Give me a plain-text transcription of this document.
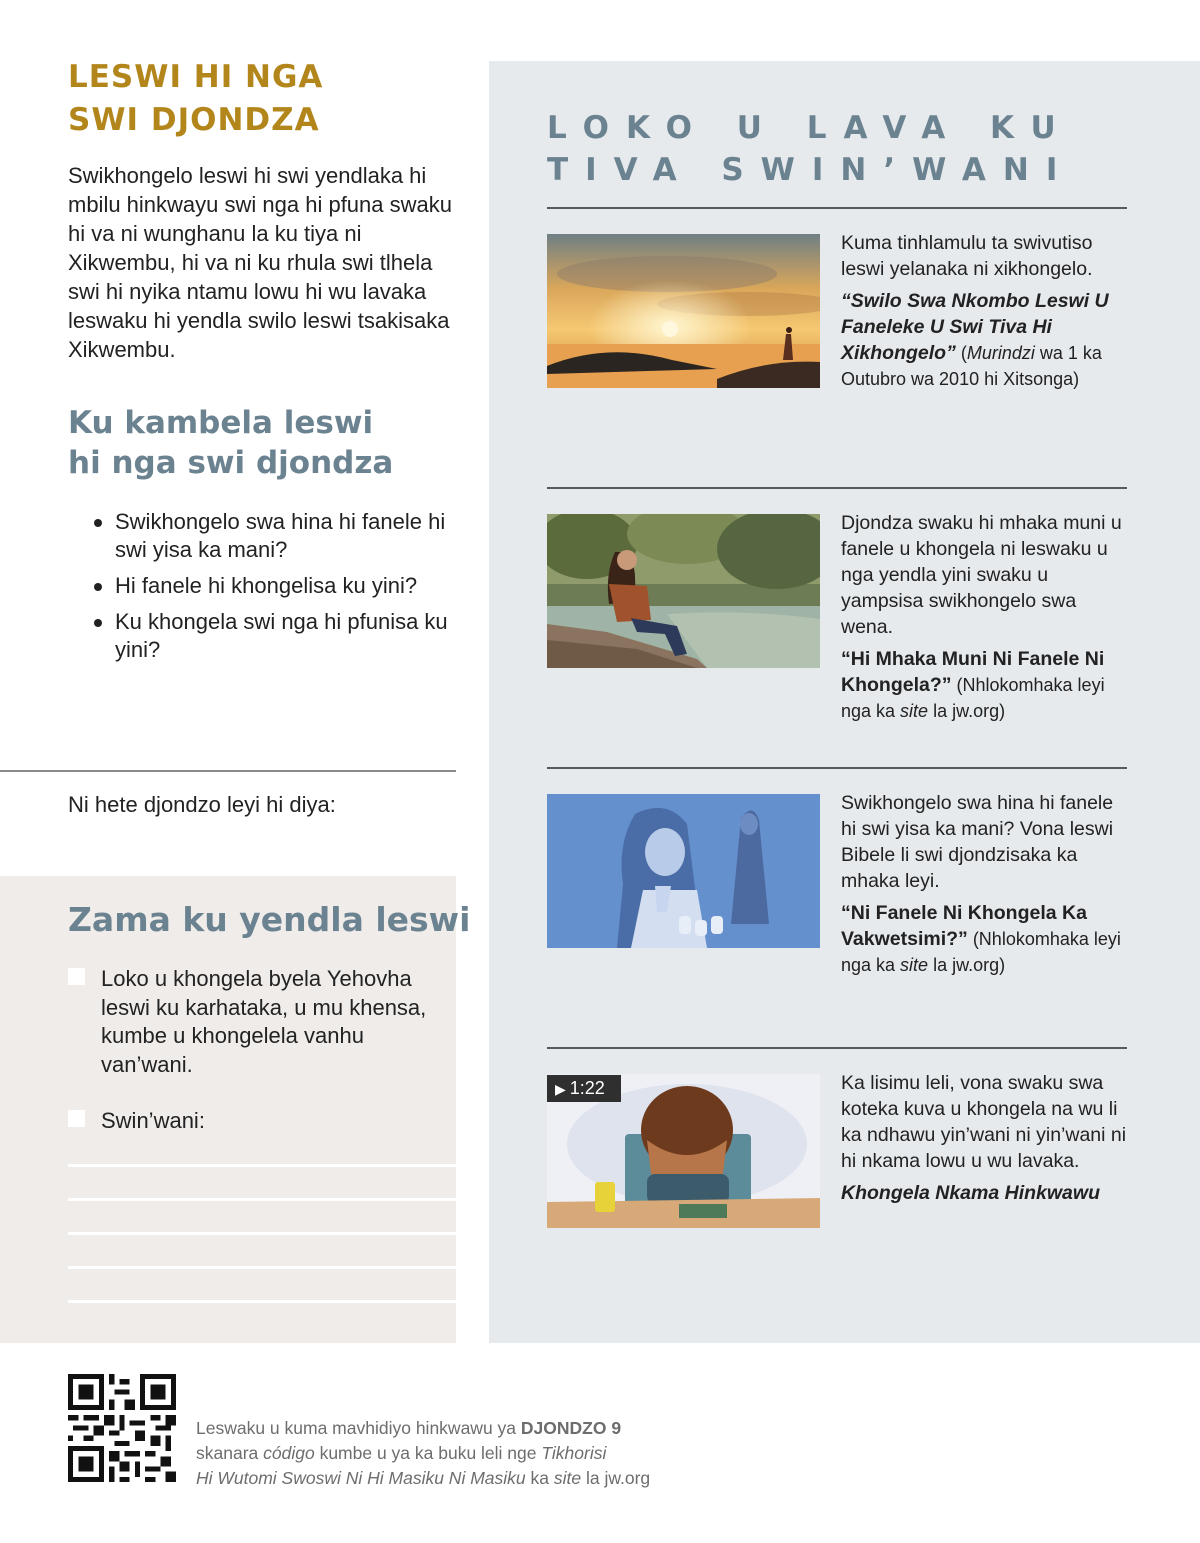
LESWI HI NGA
SWI DJONDZA

Swikhongelo leswi hi swi yendlaka hi mbilu hinkwayu swi nga hi pfuna swaku hi va ni wunghanu la ku tiya ni Xikwembu, hi va ni ku rhula swi tlhela swi hi nyika ntamu lowu hi wu lavaka leswaku hi yendla swilo leswi tsakisaka Xikwembu.

Ku kambela leswi
hi nga swi djondza
Swikhongelo swa hina hi fanele hi swi yisa ka mani?
Hi fanele hi khongelisa ku yini?
Ku khongela swi nga hi pfunisa ku yini?

Ni hete djondzo leyi hi diya:

Zama ku yendla leswi
Loko u khongela byela Yehovha leswi ku karhataka, u mu khensa, kumbe u khongelela vanhu van’wani.
Swin’wani:
LOKO U LAVA KU
TIVA SWIN’WANI
Kuma tinhlamulu ta swivutiso leswi yelanaka ni xikhongelo.
“Swilo Swa Nkombo Leswi U Faneleke U Swi Tiva Hi Xikhongelo” (Murindzi wa 1 ka Outubro wa 2010 hi Xitsonga)
Djondza swaku hi mhaka muni u fanele u khongela ni leswaku u nga yendla yini swaku u yampsisa swikhongelo swa wena.
“Hi Mhaka Muni Ni Fanele Ni Khongela?” (Nhlokomhaka leyi nga ka site la jw.org)
Swikhongelo swa hina hi fanele hi swi yisa ka mani? Vona leswi Bibele li swi djondzisaka ka mhaka leyi.
“Ni Fanele Ni Khongela Ka Vakwetsimi?” (Nhlokomhaka leyi nga ka site la jw.org)
▶ 1:22	Ka lisimu leli, vona swaku swa koteka kuva u khongela na wu li ka ndhawu yin’wani ni yin’wani ni hi nkama lowu u wu lavaka.
Khongela Nkama Hinkwawu
Leswaku u kuma mavhidiyo hinkwawu ya DJONDZO 9
skanara código kumbe u ya ka buku leli nge Tikhorisi
Hi Wutomi Swoswi Ni Hi Masiku Ni Masiku ka site la jw.org
